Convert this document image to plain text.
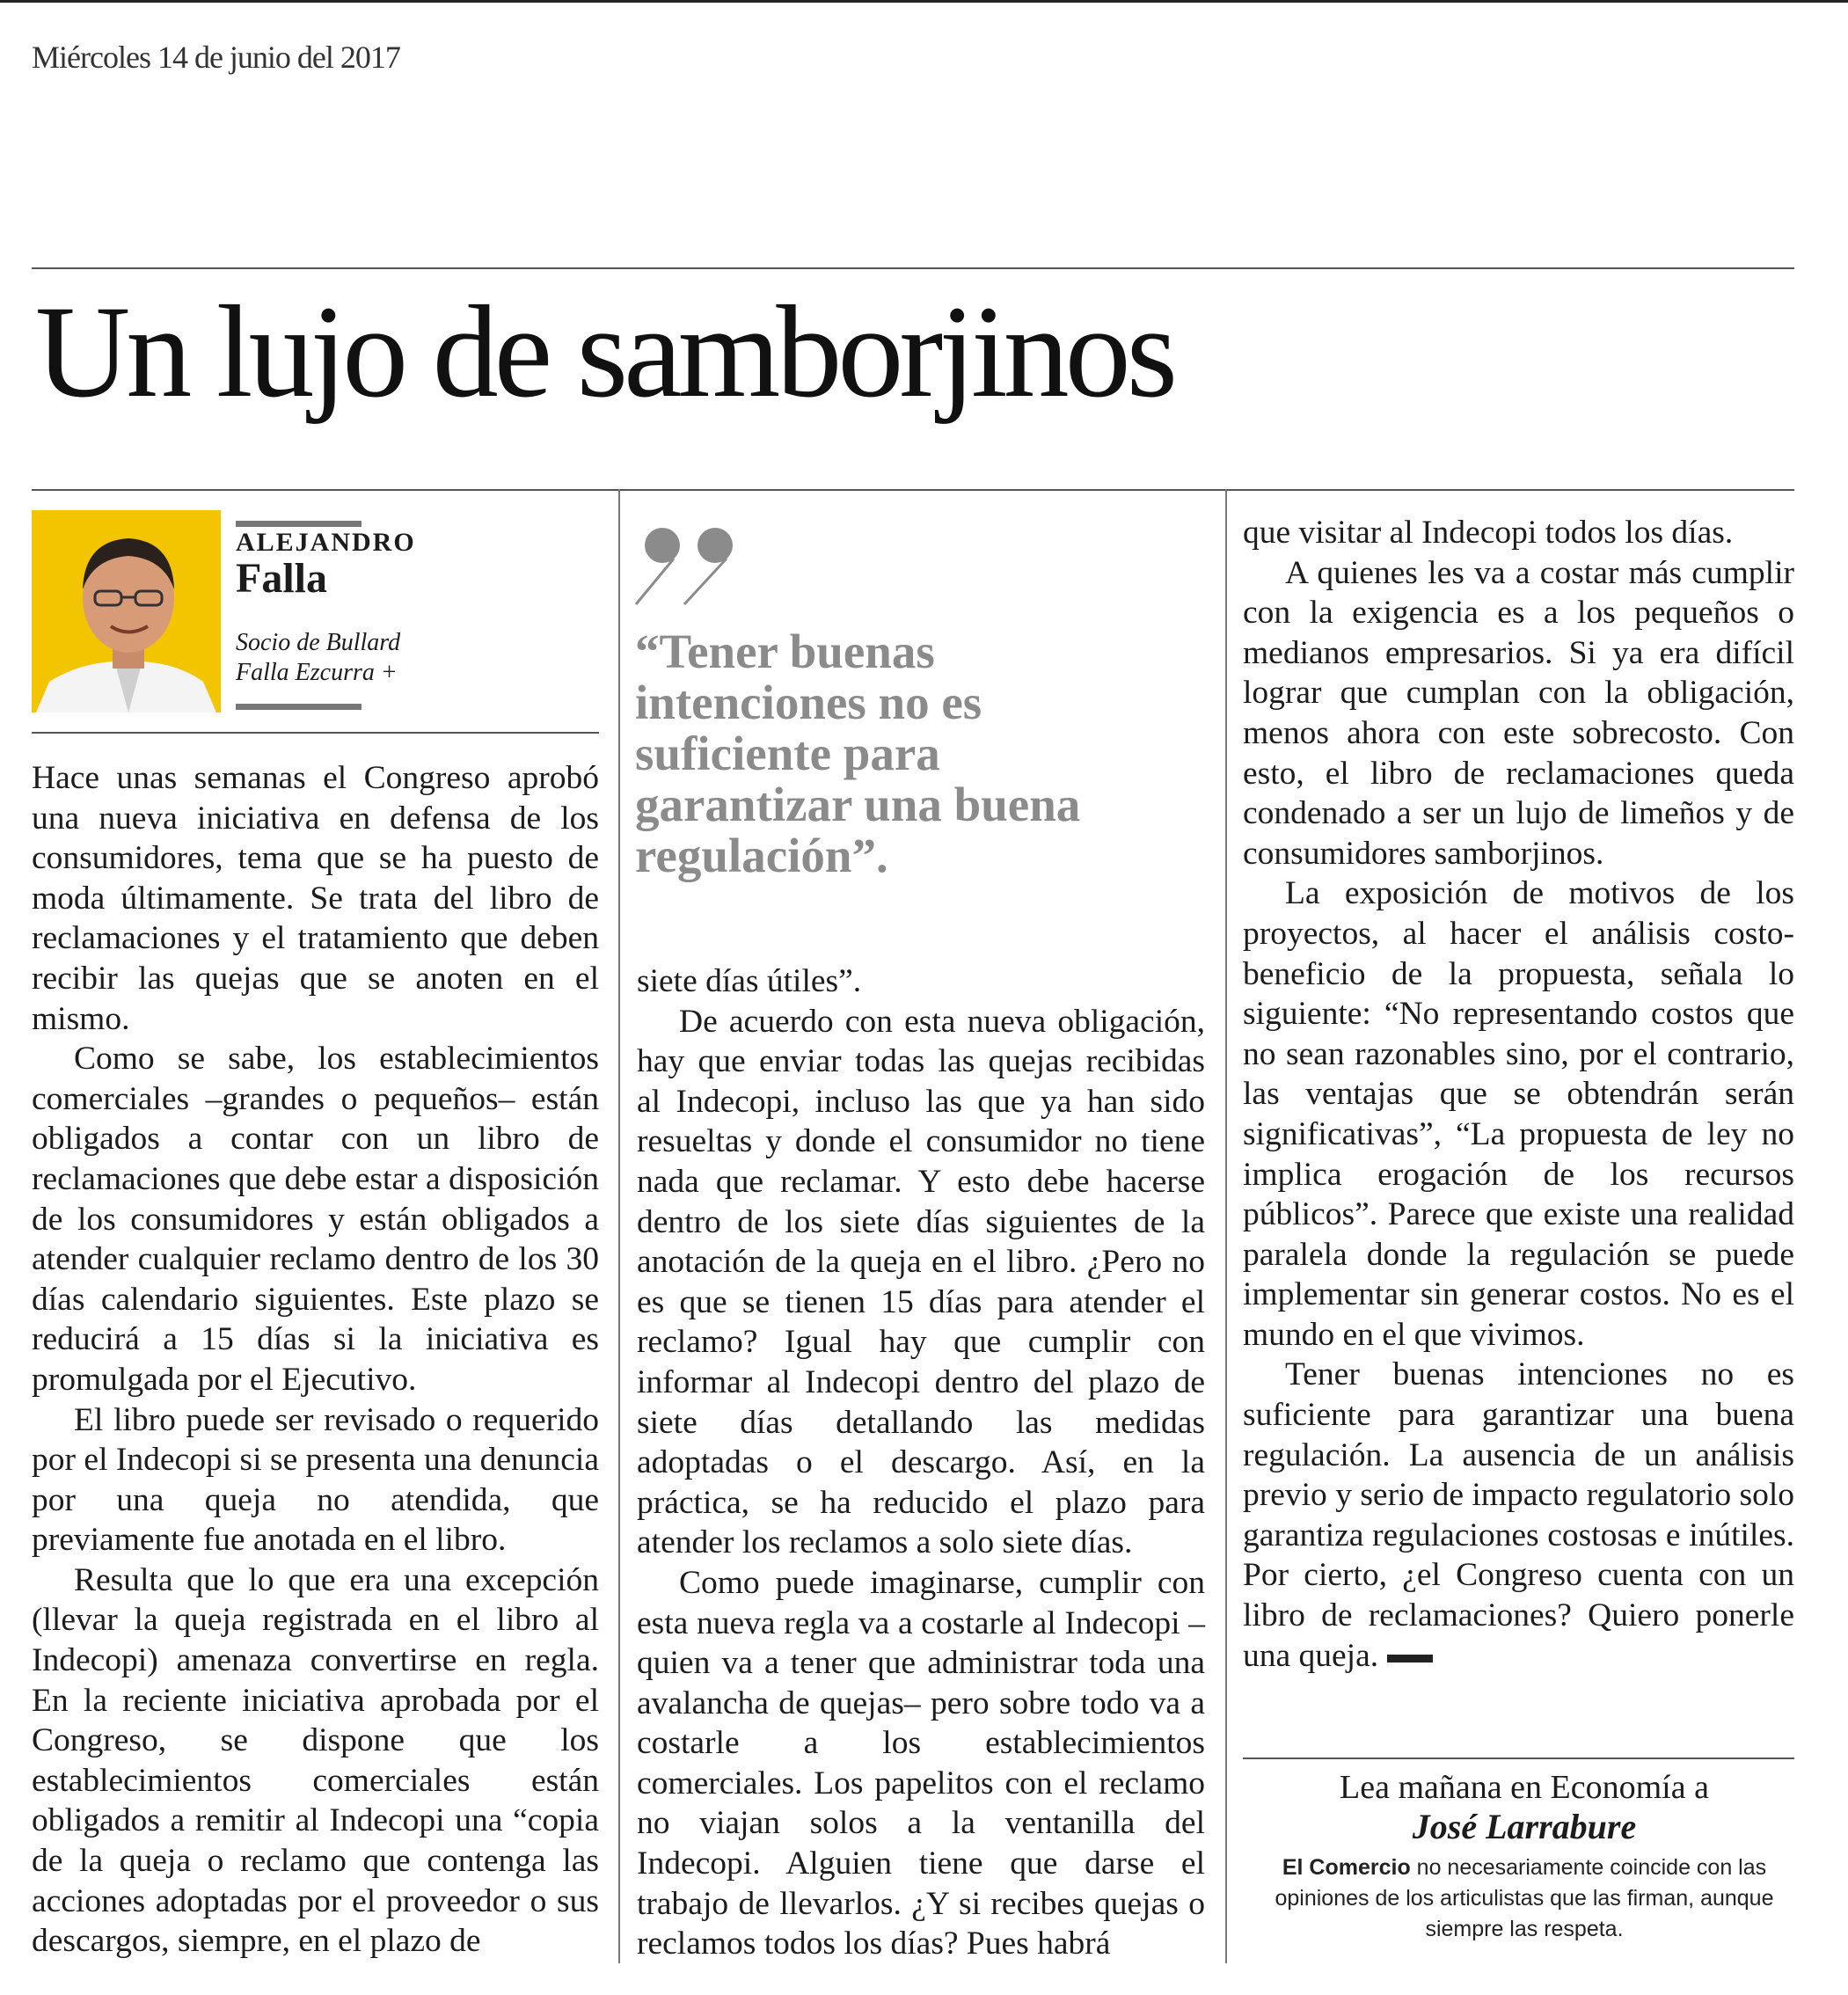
Miércoles 14 de junio del 2017
Un lujo de samborjinos
ALEJANDRO
Falla
Socio de Bullard
Falla Ezcurra +

Hace unas semanas el Congreso aprobó una nueva iniciativa en defensa de los consumidores, tema que se ha puesto de moda últimamente. Se trata del libro de reclamaciones y el tratamiento que deben recibir las quejas que se anoten en el mismo.

Como se sabe, los establecimientos comerciales –grandes o pequeños– están obligados a contar con un libro de reclamaciones que debe estar a disposición de los consumidores y están obligados a atender cualquier reclamo dentro de los 30 días calendario siguientes. Este plazo se reducirá a 15 días si la iniciativa es promulgada por el Ejecutivo.

El libro puede ser revisado o requerido por el Indecopi si se presenta una denuncia por una queja no atendida, que previamente fue anotada en el libro.

Resulta que lo que era una excepción (llevar la queja registrada en el libro al Indecopi) amenaza convertirse en regla. En la reciente iniciativa aprobada por el Congreso, se dispone que los establecimientos comerciales están obligados a remitir al Indecopi una “copia de la queja o reclamo que contenga las acciones adoptadas por el proveedor o sus descargos, siempre, en el plazo de

“Tener buenas intenciones no es suficiente para garantizar una buena regulación”.

siete días útiles”.

De acuerdo con esta nueva obligación, hay que enviar todas las quejas recibidas al Indecopi, incluso las que ya han sido resueltas y donde el consumidor no tiene nada que reclamar. Y esto debe hacerse dentro de los siete días siguientes de la anotación de la queja en el libro. ¿Pero no es que se tienen 15 días para atender el reclamo? Igual hay que cumplir con informar al Indecopi dentro del plazo de siete días detallando las medidas adoptadas o el descargo. Así, en la práctica, se ha reducido el plazo para atender los reclamos a solo siete días.

Como puede imaginarse, cumplir con esta nueva regla va a costarle al Indecopi –quien va a tener que administrar toda una avalancha de quejas– pero sobre todo va a costarle a los establecimientos comerciales. Los papelitos con el reclamo no viajan solos a la ventanilla del Indecopi. Alguien tiene que darse el trabajo de llevarlos. ¿Y si recibes quejas o reclamos todos los días? Pues habrá

que visitar al Indecopi todos los días.

A quienes les va a costar más cumplir con la exigencia es a los pequeños o medianos empresarios. Si ya era difícil lograr que cumplan con la obligación, menos ahora con este sobrecosto. Con esto, el libro de reclamaciones queda condenado a ser un lujo de limeños y de consumidores samborjinos.

La exposición de motivos de los proyectos, al hacer el análisis costo-beneficio de la propuesta, señala lo siguiente: “No representando costos que no sean razonables sino, por el contrario, las ventajas que se obtendrán serán significativas”, “La propuesta de ley no implica erogación de los recursos públicos”. Parece que existe una realidad paralela donde la regulación se puede implementar sin generar costos. No es el mundo en el que vivimos.

Tener buenas intenciones no es suficiente para garantizar una buena regulación. La ausencia de un análisis previo y serio de impacto regulatorio solo garantiza regulaciones costosas e inútiles. Por cierto, ¿el Congreso cuenta con un libro de reclamaciones? Quiero ponerle una queja.

Lea mañana en Economía a
José Larrabure
El Comercio no necesariamente coincide con las opiniones de los articulistas que las firman, aunque siempre las respeta.
